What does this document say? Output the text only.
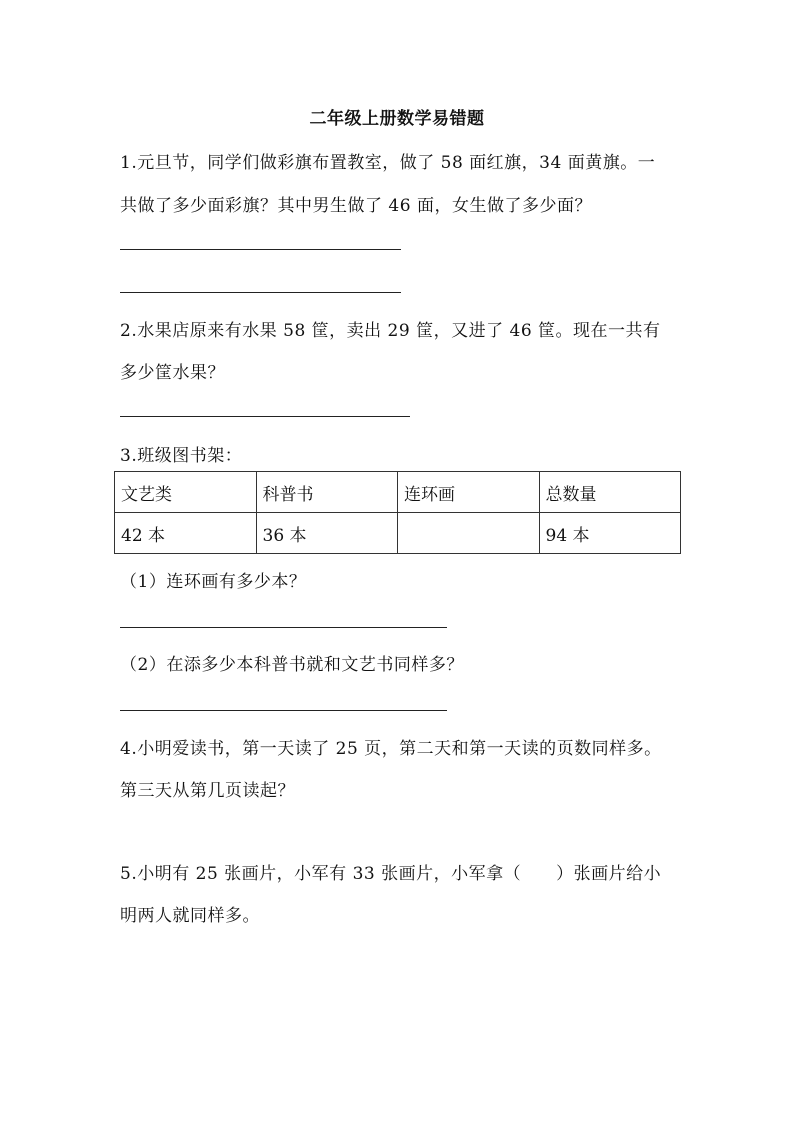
二年级上册数学易错题
1.元旦节，同学们做彩旗布置教室，做了 58 面红旗，34 面黄旗。一
共做了多少面彩旗？其中男生做了 46 面，女生做了多少面？
2.水果店原来有水果 58 筐，卖出 29 筐，又进了 46 筐。现在一共有
多少筐水果？
3.班级图书架：
文艺类	科普书	连环画	总数量
42 本	36 本		94 本
（1）连环画有多少本？
（2）在添多少本科普书就和文艺书同样多？
4.小明爱读书，第一天读了 25 页，第二天和第一天读的页数同样多。
第三天从第几页读起？
5.小明有 25 张画片，小军有 33 张画片，小军拿（　　）张画片给小
明两人就同样多。
